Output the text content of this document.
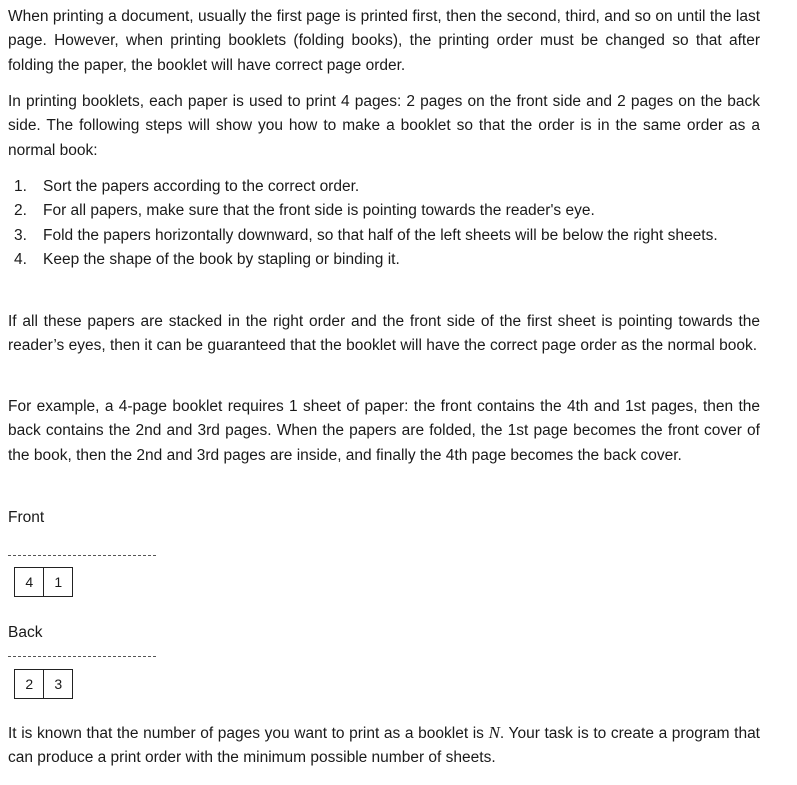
When printing a document, usually the first page is printed first, then the second, third, and so on until the last page. However, when printing booklets (folding books), the printing order must be changed so that after folding the paper, the booklet will have correct page order.

In printing booklets, each paper is used to print 4 pages: 2 pages on the front side and 2 pages on the back side. The following steps will show you how to make a booklet so that the order is in the same order as a normal book:

1. Sort the papers according to the correct order.
2. For all papers, make sure that the front side is pointing towards the reader's eye.
3. Fold the papers horizontally downward, so that half of the left sheets will be below the right sheets.
4. Keep the shape of the book by stapling or binding it.

If all these papers are stacked in the right order and the front side of the first sheet is pointing towards the reader’s eyes, then it can be guaranteed that the booklet will have the correct page order as the normal book.

For example, a 4-page booklet requires 1 sheet of paper: the front contains the 4th and 1st pages, then the back contains the 2nd and 3rd pages. When the papers are folded, the 1st page becomes the front cover of the book, then the 2nd and 3rd pages are inside, and finally the 4th page becomes the back cover.

Front

4	1

Back

2	3

It is known that the number of pages you want to print as a booklet is N. Your task is to create a program that can produce a print order with the minimum possible number of sheets.
